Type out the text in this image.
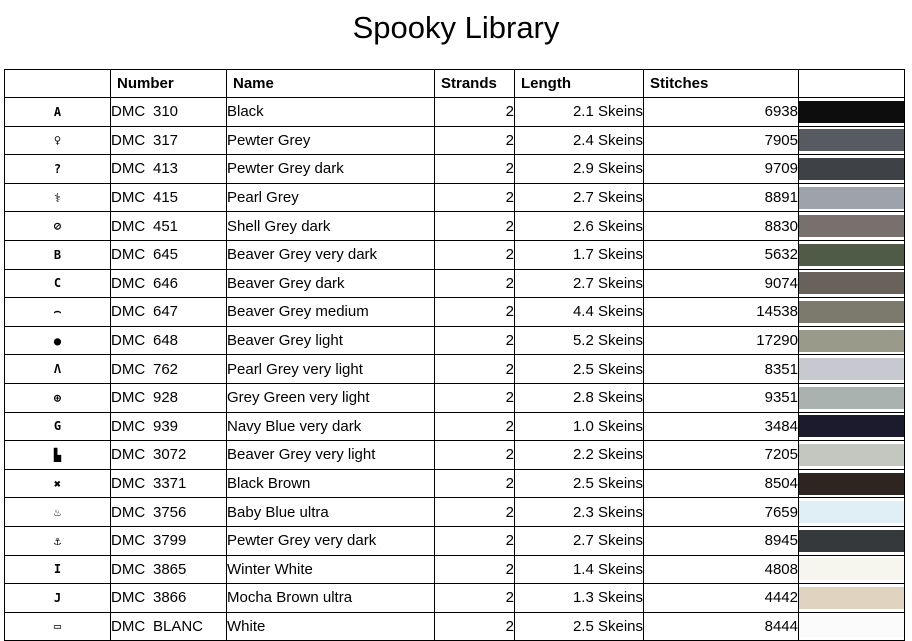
Spooky Library
	Number	Name	Strands	Length	Stitches	
A	DMC 310	Black	2	2.1 Skeins	6938	

♀	DMC 317	Pewter Grey	2	2.4 Skeins	7905	

?	DMC 413	Pewter Grey dark	2	2.9 Skeins	9709	

⚕	DMC 415	Pearl Grey	2	2.7 Skeins	8891	

⊘	DMC 451	Shell Grey dark	2	2.6 Skeins	8830	

B	DMC 645	Beaver Grey very dark	2	1.7 Skeins	5632	

C	DMC 646	Beaver Grey dark	2	2.7 Skeins	9074	

⌢	DMC 647	Beaver Grey medium	2	4.4 Skeins	14538	

●	DMC 648	Beaver Grey light	2	5.2 Skeins	17290	

Λ	DMC 762	Pearl Grey very light	2	2.5 Skeins	8351	

⊕	DMC 928	Grey Green very light	2	2.8 Skeins	9351	

G	DMC 939	Navy Blue very dark	2	1.0 Skeins	3484	

▙	DMC 3072	Beaver Grey very light	2	2.2 Skeins	7205	

✖	DMC 3371	Black Brown	2	2.5 Skeins	8504	

♨	DMC 3756	Baby Blue ultra	2	2.3 Skeins	7659	

⚓	DMC 3799	Pewter Grey very dark	2	2.7 Skeins	8945	

I	DMC 3865	Winter White	2	1.4 Skeins	4808	

J	DMC 3866	Mocha Brown ultra	2	1.3 Skeins	4442	

▭	DMC BLANC	White	2	2.5 Skeins	8444	
